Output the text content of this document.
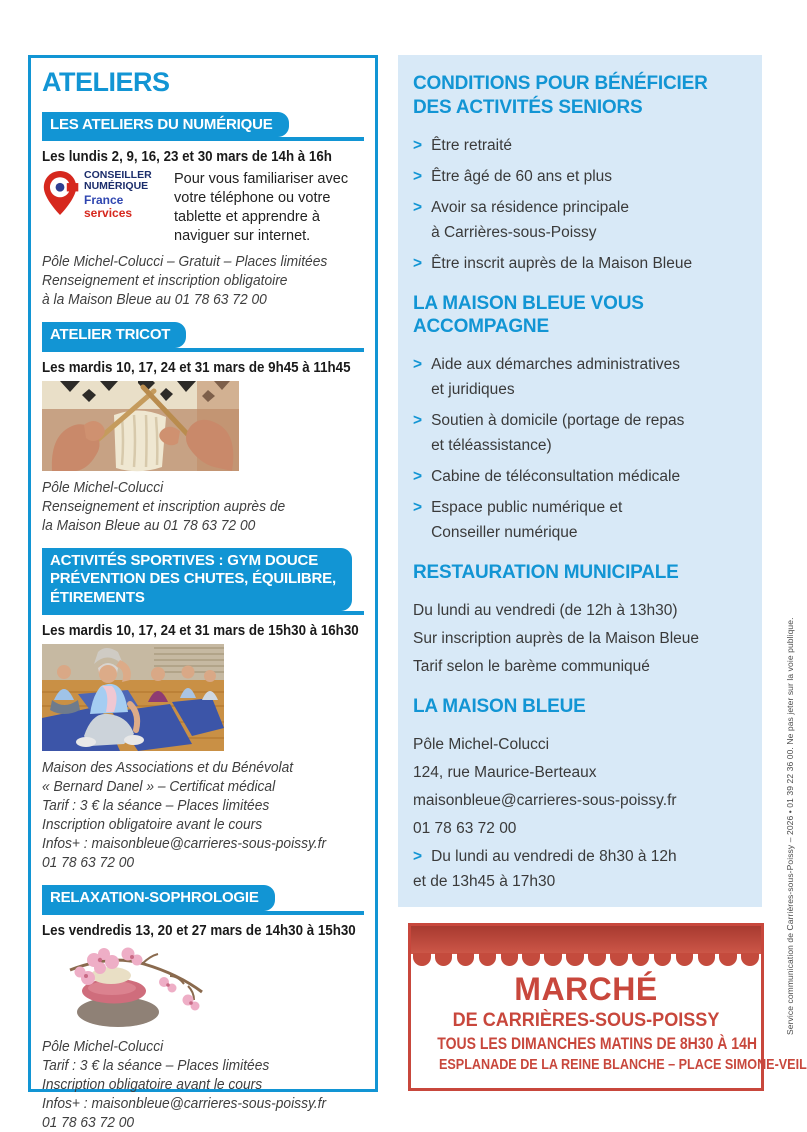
ATELIERS
LES ATELIERS DU NUMÉRIQUE
Les lundis 2, 9, 16, 23 et 30 mars de 14h à 16h
CONSEILLER
NUMÉRIQUE
France
services
Pour vous familiariser avec votre téléphone ou votre tablette et apprendre à naviguer sur internet.
Pôle Michel-Colucci – Gratuit – Places limitées
Renseignement et inscription obligatoire
à la Maison Bleue au 01 78 63 72 00
ATELIER TRICOT
Les mardis 10, 17, 24 et 31 mars de 9h45 à 11h45
Pôle Michel-Colucci
Renseignement et inscription auprès de
la Maison Bleue au 01 78 63 72 00
ACTIVITÉS SPORTIVES : GYM DOUCE
PRÉVENTION DES CHUTES, ÉQUILIBRE,
ÉTIREMENTS
Les mardis 10, 17, 24 et 31 mars de 15h30 à 16h30
Maison des Associations et du Bénévolat
« Bernard Danel » – Certificat médical
Tarif : 3 € la séance – Places limitées
Inscription obligatoire avant le cours
Infos+ : maisonbleue@carrieres-sous-poissy.fr
01 78 63 72 00
RELAXATION-SOPHROLOGIE
Les vendredis 13, 20 et 27 mars de 14h30 à 15h30
Pôle Michel-Colucci
Tarif : 3 € la séance – Places limitées
Inscription obligatoire avant le cours
Infos+ : maisonbleue@carrieres-sous-poissy.fr
01 78 63 72 00
CONDITIONS POUR BÉNÉFICIER
DES ACTIVITÉS SENIORS
> Être retraité
> Être âgé de 60 ans et plus
> Avoir sa résidence principale
à Carrières-sous-Poissy
> Être inscrit auprès de la Maison Bleue
LA MAISON BLEUE VOUS ACCOMPAGNE
> Aide aux démarches administratives
et juridiques
> Soutien à domicile (portage de repas
et téléassistance)
> Cabine de téléconsultation médicale
> Espace public numérique et
Conseiller numérique
RESTAURATION MUNICIPALE
Du lundi au vendredi (de 12h à 13h30)
Sur inscription auprès de la Maison Bleue
Tarif selon le barème communiqué
LA MAISON BLEUE
Pôle Michel-Colucci
124, rue Maurice-Berteaux
maisonbleue@carrieres-sous-poissy.fr
01 78 63 72 00
> Du lundi au vendredi de 8h30 à 12h
et de 13h45 à 17h30
MARCHÉ
DE CARRIÈRES-SOUS-POISSY
TOUS LES DIMANCHES MATINS DE 8H30 À 14H
ESPLANADE DE LA REINE BLANCHE – PLACE SIMONE-VEIL
Service communication de Carrières-sous-Poissy – 2026 • 01 39 22 36 00. Ne pas jeter sur la voie publique.
